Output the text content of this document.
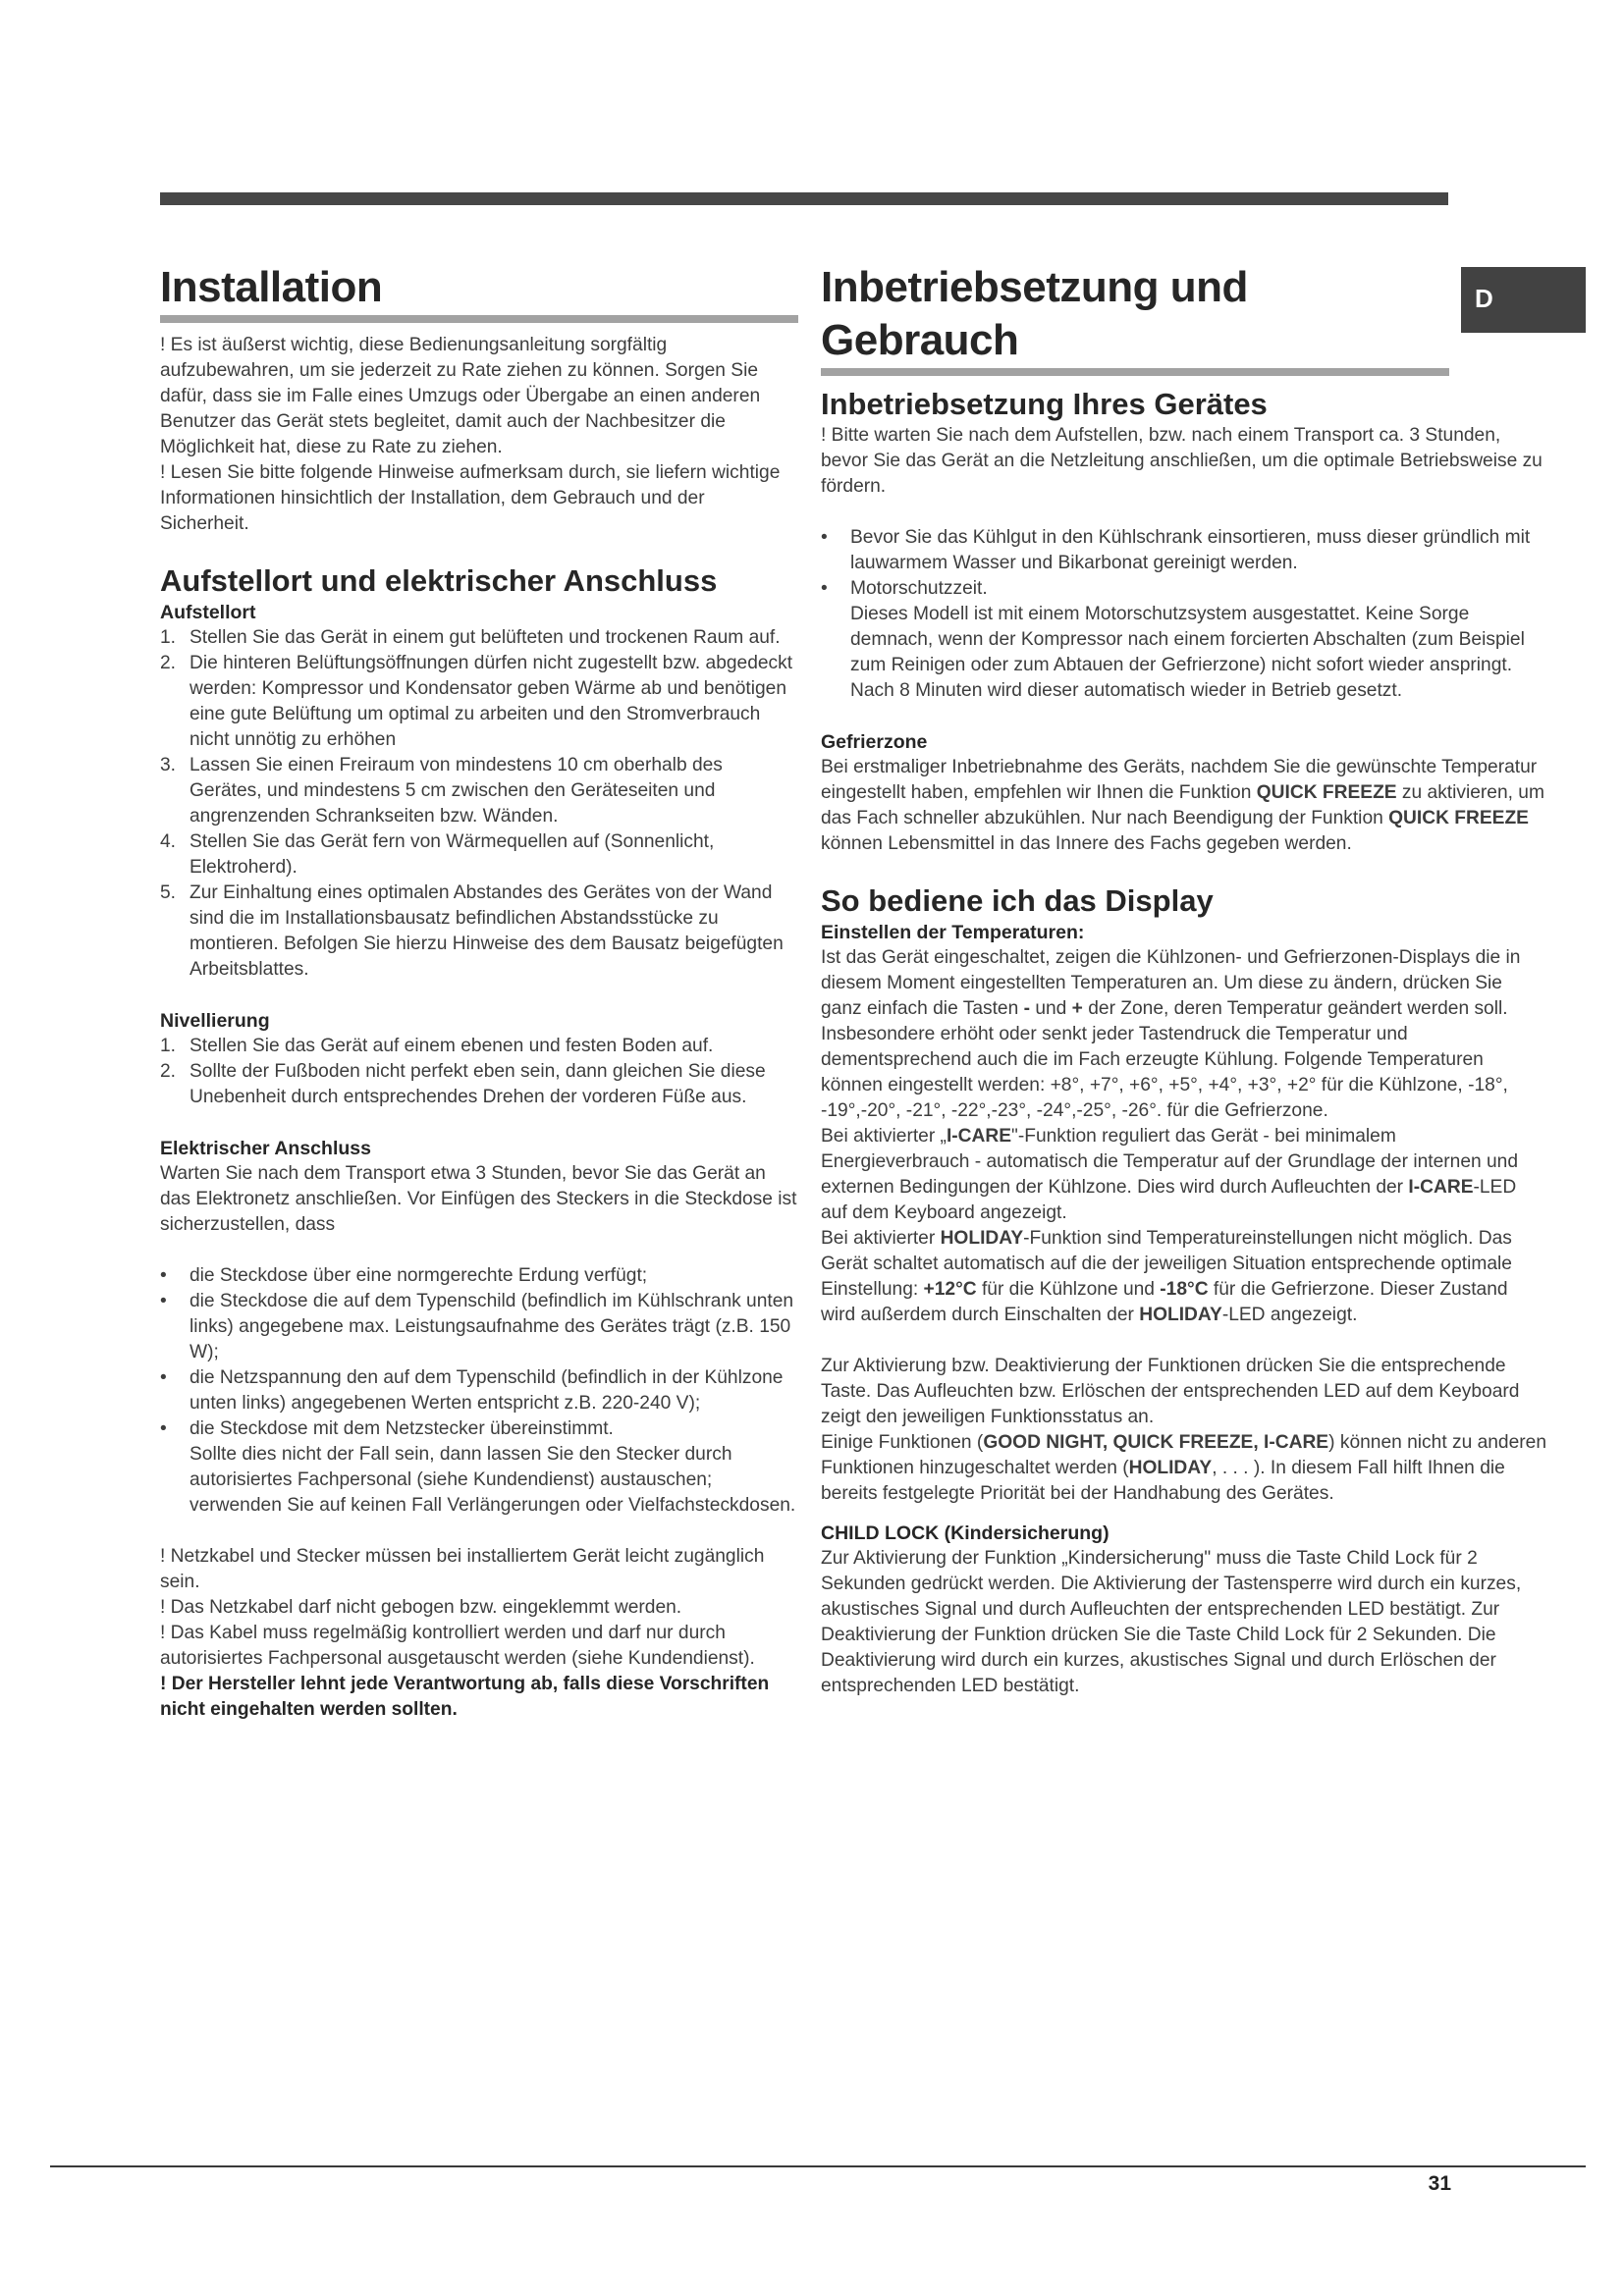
D
Installation

! Es ist äußerst wichtig, diese Bedienungsanleitung sorgfältig aufzubewahren, um sie jederzeit zu Rate ziehen zu können. Sorgen Sie dafür, dass sie im Falle eines Umzugs oder Übergabe an einen anderen Benutzer das Gerät stets begleitet, damit auch der Nachbesitzer die Möglichkeit hat, diese zu Rate zu ziehen.

! Lesen Sie bitte folgende Hinweise aufmerksam durch, sie liefern wichtige Informationen hinsichtlich der Installation, dem Gebrauch und der Sicherheit.

Aufstellort und elektrischer Anschluss
Aufstellort
1. Stellen Sie das Gerät in einem gut belüfteten und trockenen Raum auf.
2. Die hinteren Belüftungsöffnungen dürfen nicht zugestellt bzw. abgedeckt werden: Kompressor und Kondensator geben Wärme ab und benötigen eine gute Belüftung um optimal zu arbeiten und den Stromverbrauch nicht unnötig zu erhöhen
3. Lassen Sie einen Freiraum von mindestens 10 cm oberhalb des Gerätes, und mindestens 5 cm zwischen den Geräteseiten und angrenzenden Schrankseiten bzw. Wänden.
4. Stellen Sie das Gerät fern von Wärmequellen auf (Sonnenlicht, Elektroherd).
5. Zur Einhaltung eines optimalen Abstandes des Gerätes von der Wand sind die im Installationsbausatz befindlichen Abstandsstücke zu montieren. Befolgen Sie hierzu Hinweise des dem Bausatz beigefügten Arbeitsblattes.
Nivellierung
1. Stellen Sie das Gerät auf einem ebenen und festen Boden auf.
2. Sollte der Fußboden nicht perfekt eben sein, dann gleichen Sie diese Unebenheit durch entsprechendes Drehen der vorderen Füße aus.
Elektrischer Anschluss

Warten Sie nach dem Transport etwa 3 Stunden, bevor Sie das Gerät an das Elektronetz anschließen. Vor Einfügen des Steckers in die Steckdose ist sicherzustellen, dass

• die Steckdose über eine normgerechte Erdung verfügt;
• die Steckdose die auf dem Typenschild (befindlich im Kühlschrank unten links) angegebene max. Leistungsaufnahme des Gerätes trägt (z.B. 150 W);
• die Netzspannung den auf dem Typenschild (befindlich in der Kühlzone unten links) angegebenen Werten entspricht z.B. 220-240 V);
• die Steckdose mit dem Netzstecker übereinstimmt.

Sollte dies nicht der Fall sein, dann lassen Sie den Stecker durch autorisiertes Fachpersonal (siehe Kundendienst) austauschen; verwenden Sie auf keinen Fall Verlängerungen oder Vielfachsteckdosen.

! Netzkabel und Stecker müssen bei installiertem Gerät leicht zugänglich sein.

! Das Netzkabel darf nicht gebogen bzw. eingeklemmt werden.

! Das Kabel muss regelmäßig kontrolliert werden und darf nur durch autorisiertes Fachpersonal ausgetauscht werden (siehe Kundendienst).

! Der Hersteller lehnt jede Verantwortung ab, falls diese Vorschriften nicht eingehalten werden sollten.

Inbetriebsetzung und
Gebrauch
Inbetriebsetzung Ihres Gerätes

! Bitte warten Sie nach dem Aufstellen, bzw. nach einem Transport ca. 3 Stunden, bevor Sie das Gerät an die Netzleitung anschließen, um die optimale Betriebsweise zu fördern.

• Bevor Sie das Kühlgut in den Kühlschrank einsortieren, muss dieser gründlich mit lauwarmem Wasser und Bikarbonat gereinigt werden.
• Motorschutzzeit.

Dieses Modell ist mit einem Motorschutzsystem ausgestattet. Keine Sorge demnach, wenn der Kompressor nach einem forcierten Abschalten (zum Beispiel zum Reinigen oder zum Abtauen der Gefrierzone) nicht sofort wieder anspringt. Nach 8 Minuten wird dieser automatisch wieder in Betrieb gesetzt.

Gefrierzone

Bei erstmaliger Inbetriebnahme des Geräts, nachdem Sie die gewünschte Temperatur eingestellt haben, empfehlen wir Ihnen die Funktion QUICK FREEZE zu aktivieren, um das Fach schneller abzukühlen. Nur nach Beendigung der Funktion QUICK FREEZE können Lebensmittel in das Innere des Fachs gegeben werden.

So bediene ich das Display
Einstellen der Temperaturen:

Ist das Gerät eingeschaltet, zeigen die Kühlzonen- und Gefrierzonen-Displays die in diesem Moment eingestellten Temperaturen an. Um diese zu ändern, drücken Sie ganz einfach die Tasten - und + der Zone, deren Temperatur geändert werden soll. Insbesondere erhöht oder senkt jeder Tastendruck die Temperatur und dementsprechend auch die im Fach erzeugte Kühlung. Folgende Temperaturen können eingestellt werden: +8°, +7°, +6°, +5°, +4°, +3°, +2° für die Kühlzone, -18°, -19°,-20°, -21°, -22°,-23°, -24°,-25°, -26°. für die Gefrierzone.

Bei aktivierter „I-CARE"-Funktion reguliert das Gerät - bei minimalem Energieverbrauch - automatisch die Temperatur auf der Grundlage der internen und externen Bedingungen der Kühlzone. Dies wird durch Aufleuchten der I-CARE-LED auf dem Keyboard angezeigt.

Bei aktivierter HOLIDAY-Funktion sind Temperatureinstellungen nicht möglich. Das Gerät schaltet automatisch auf die der jeweiligen Situation entsprechende optimale Einstellung: +12°C für die Kühlzone und -18°C für die Gefrierzone. Dieser Zustand wird außerdem durch Einschalten der HOLIDAY-LED angezeigt.

Zur Aktivierung bzw. Deaktivierung der Funktionen drücken Sie die entsprechende Taste. Das Aufleuchten bzw. Erlöschen der entsprechenden LED auf dem Keyboard zeigt den jeweiligen Funktionsstatus an.

Einige Funktionen (GOOD NIGHT, QUICK FREEZE, I-CARE) können nicht zu anderen Funktionen hinzugeschaltet werden (HOLIDAY, . . . ). In diesem Fall hilft Ihnen die bereits festgelegte Priorität bei der Handhabung des Gerätes.

CHILD LOCK (Kindersicherung)

Zur Aktivierung der Funktion „Kindersicherung" muss die Taste Child Lock für 2 Sekunden gedrückt werden. Die Aktivierung der Tastensperre wird durch ein kurzes, akustisches Signal und durch Aufleuchten der entsprechenden LED bestätigt. Zur Deaktivierung der Funktion drücken Sie die Taste Child Lock für 2 Sekunden. Die Deaktivierung wird durch ein kurzes, akustisches Signal und durch Erlöschen der entsprechenden LED bestätigt.

31
